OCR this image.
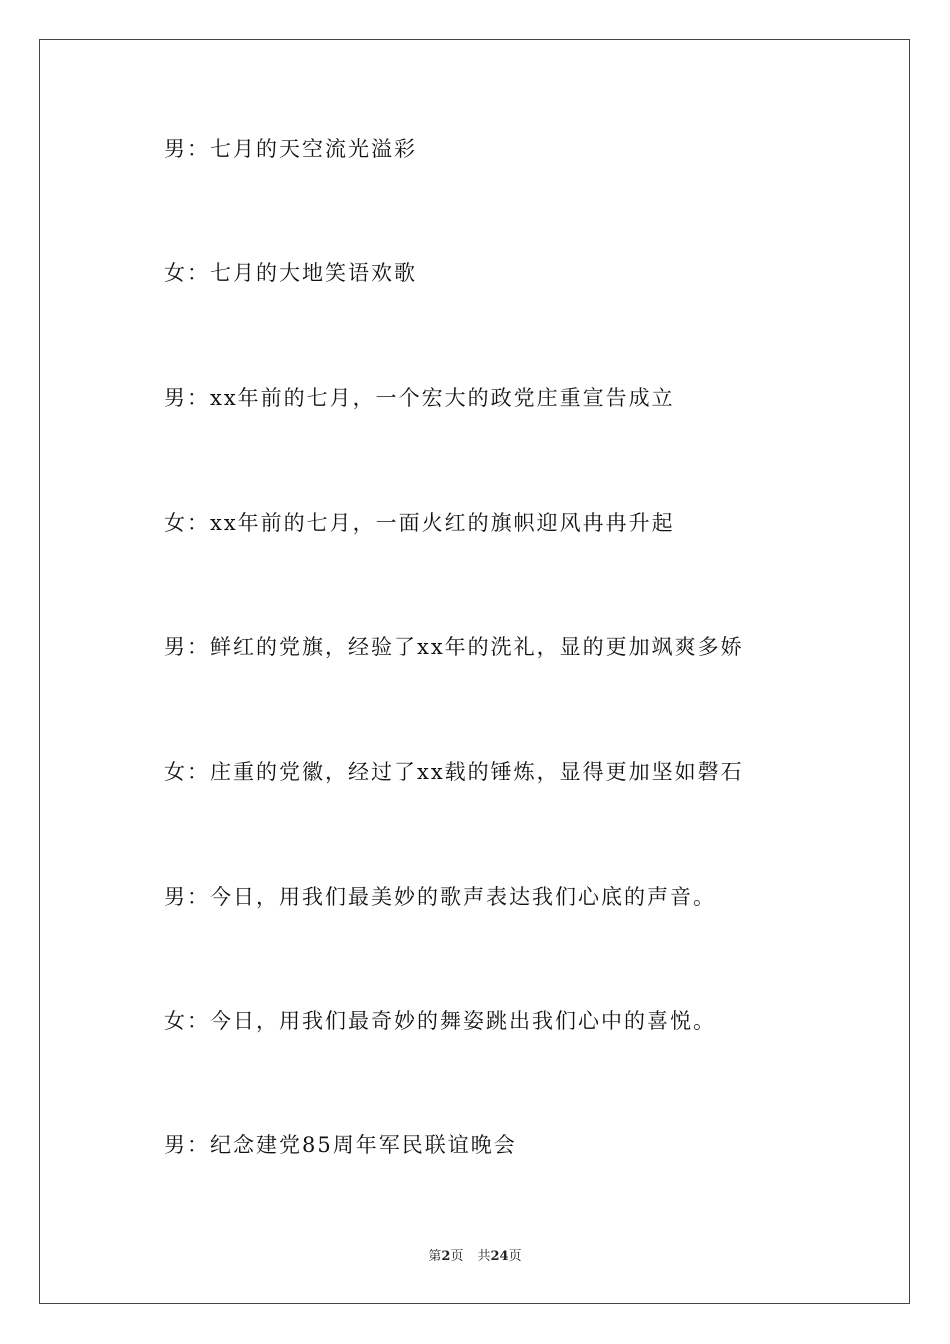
男：七月的天空流光溢彩
女：七月的大地笑语欢歌
男：xx年前的七月，一个宏大的政党庄重宣告成立
女：xx年前的七月，一面火红的旗帜迎风冉冉升起
男：鲜红的党旗，经验了xx年的洗礼，显的更加飒爽多娇
女：庄重的党徽，经过了xx载的锤炼，显得更加坚如磬石
男：今日，用我们最美妙的歌声表达我们心底的声音。
女：今日，用我们最奇妙的舞姿跳出我们心中的喜悦。
男：纪念建党85周年军民联谊晚会
第2页 共24页
